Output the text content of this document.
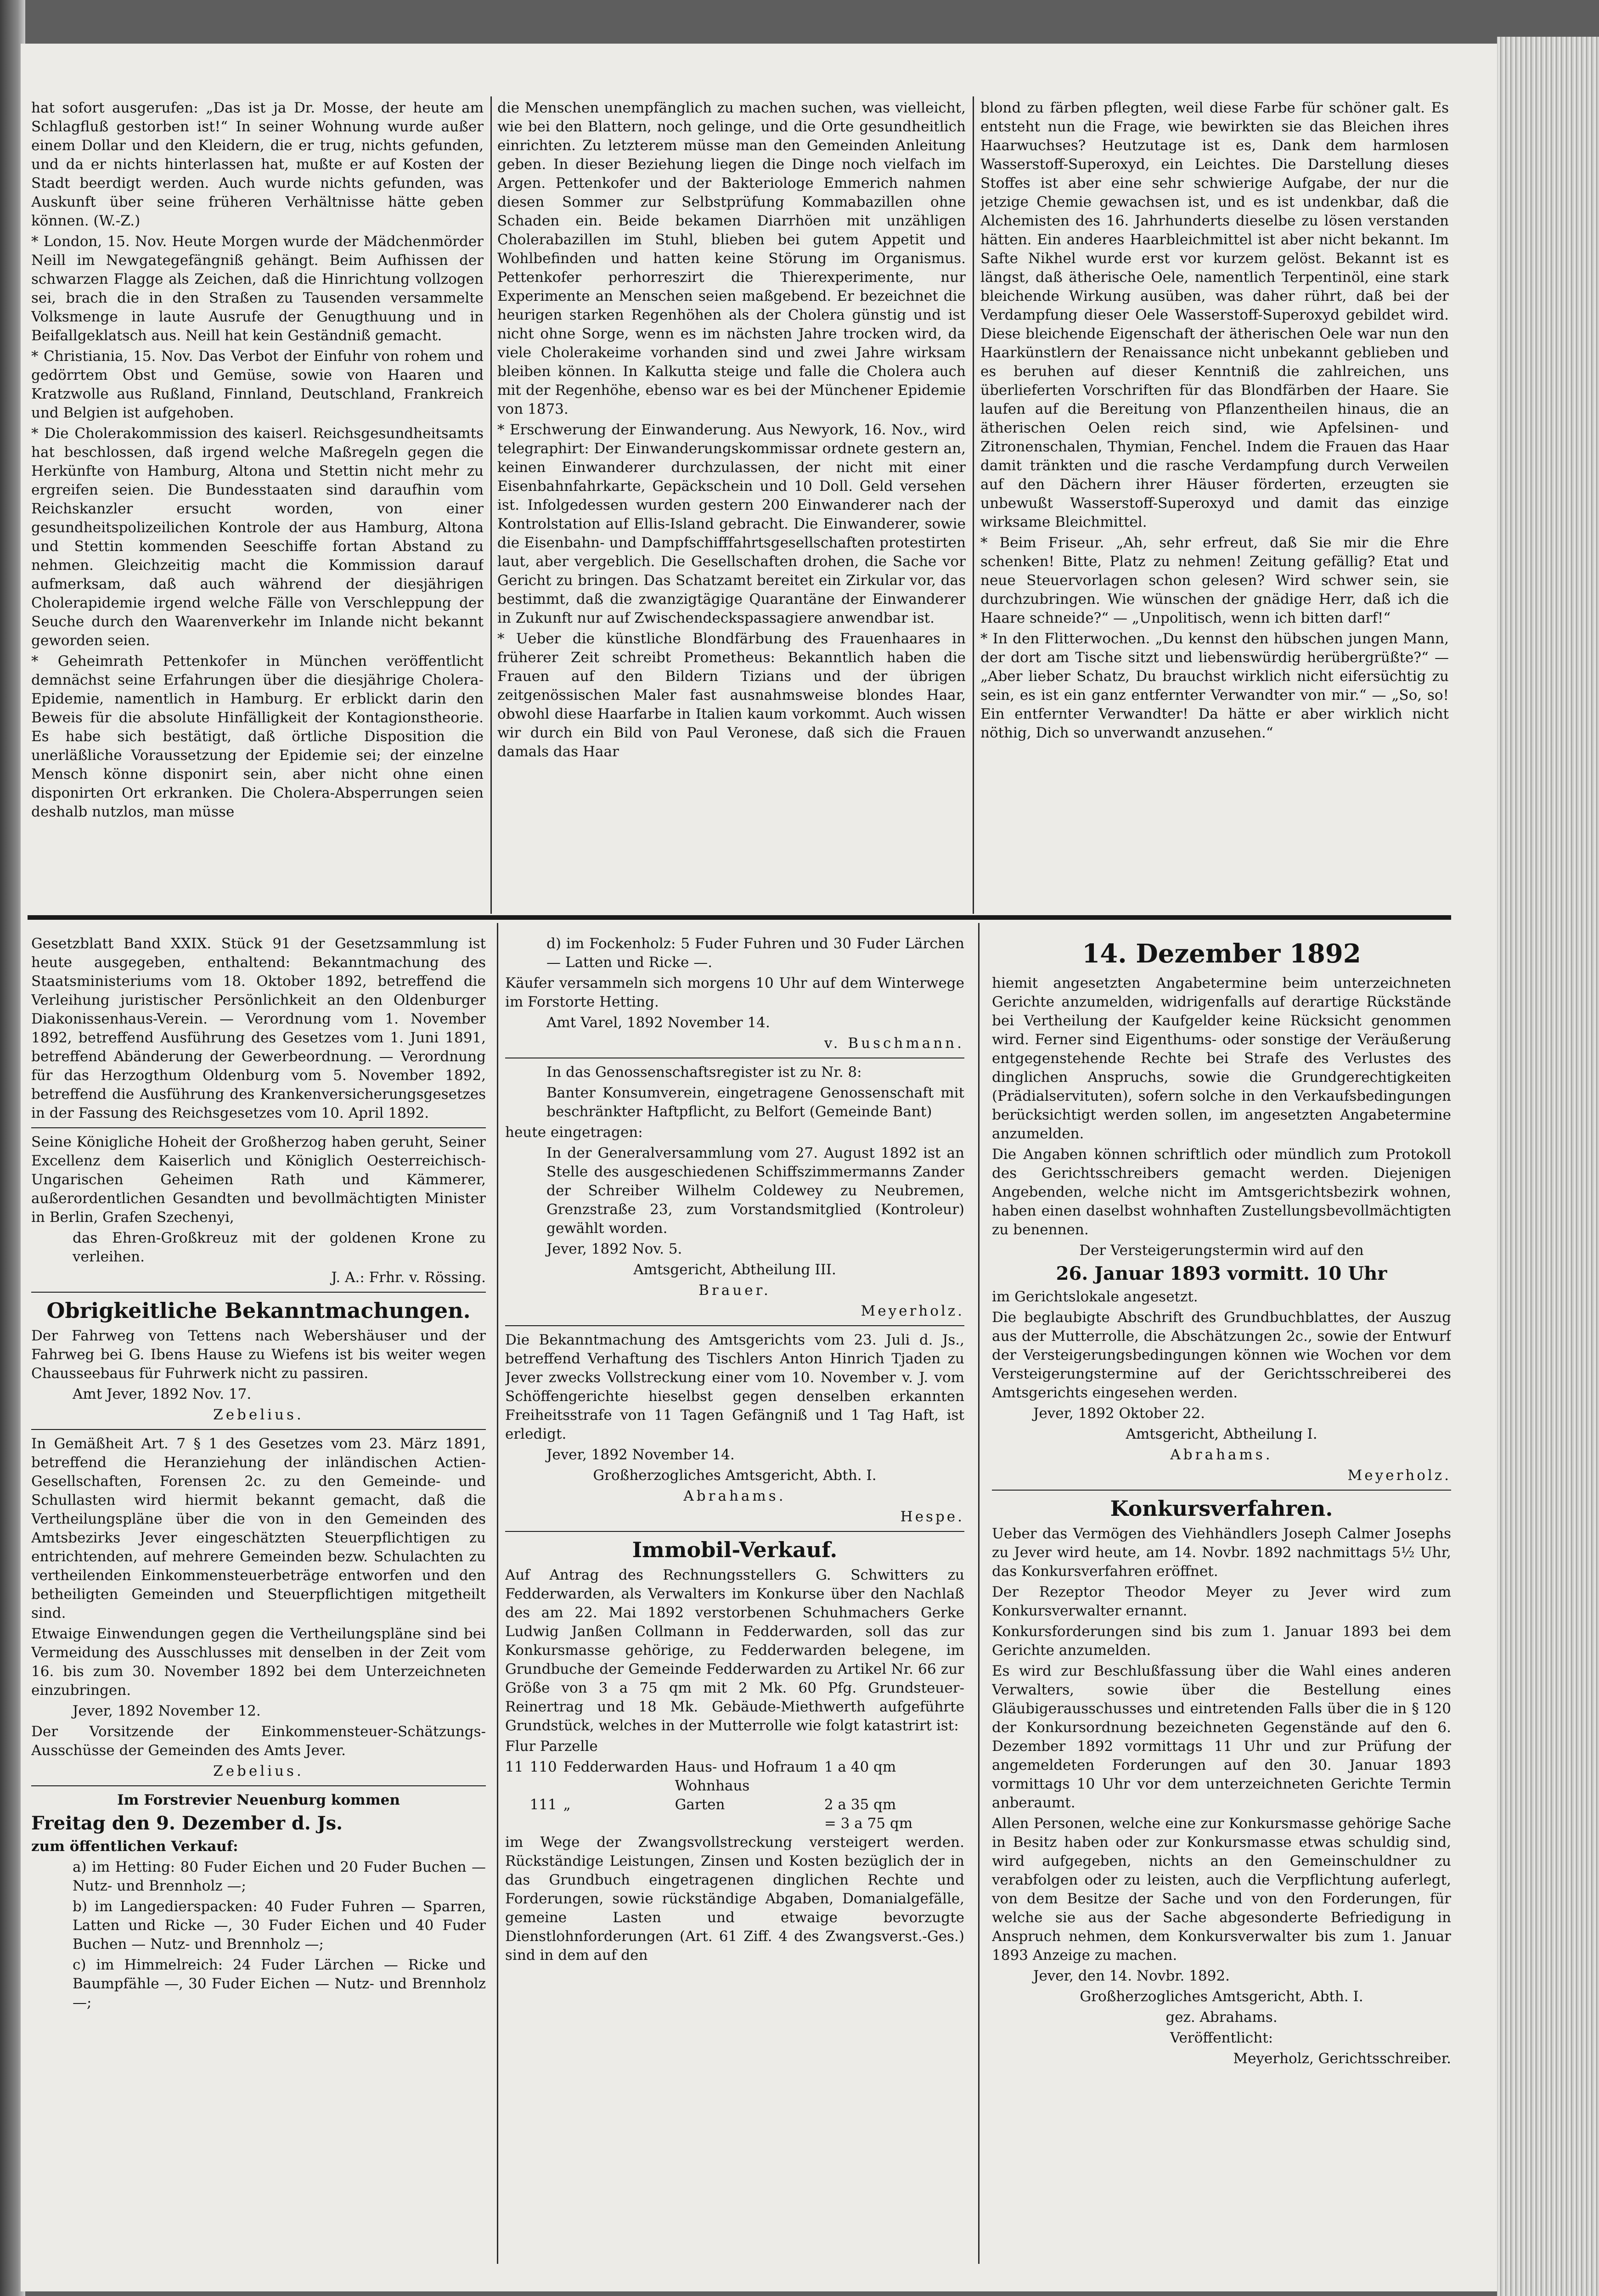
hat sofort ausgerufen: „Das ist ja Dr. Mosse, der heute am Schlagfluß gestorben ist!“ In seiner Wohnung wurde außer einem Dollar und den Kleidern, die er trug, nichts gefunden, und da er nichts hinterlassen hat, mußte er auf Kosten der Stadt beerdigt werden. Auch wurde nichts gefunden, was Auskunft über seine früheren Verhältnisse hätte geben können. (W.-Z.)

* London, 15. Nov. Heute Morgen wurde der Mädchenmörder Neill im Newgategefängniß gehängt. Beim Aufhissen der schwarzen Flagge als Zeichen, daß die Hinrichtung vollzogen sei, brach die in den Straßen zu Tausenden versammelte Volksmenge in laute Ausrufe der Genugthuung und in Beifallgeklatsch aus. Neill hat kein Geständniß gemacht.

* Christiania, 15. Nov. Das Verbot der Einfuhr von rohem und gedörrtem Obst und Gemüse, sowie von Haaren und Kratzwolle aus Rußland, Finnland, Deutschland, Frankreich und Belgien ist aufgehoben.

* Die Cholerakommission des kaiserl. Reichsgesundheitsamts hat beschlossen, daß irgend welche Maßregeln gegen die Herkünfte von Hamburg, Altona und Stettin nicht mehr zu ergreifen seien. Die Bundesstaaten sind daraufhin vom Reichskanzler ersucht worden, von einer gesundheitspolizeilichen Kontrole der aus Hamburg, Altona und Stettin kommenden Seeschiffe fortan Abstand zu nehmen. Gleichzeitig macht die Kommission darauf aufmerksam, daß auch während der diesjährigen Cholerapidemie irgend welche Fälle von Verschleppung der Seuche durch den Waarenverkehr im Inlande nicht bekannt geworden seien.

* Geheimrath Pettenkofer in München veröffentlicht demnächst seine Erfahrungen über die diesjährige Cholera-Epidemie, namentlich in Hamburg. Er erblickt darin den Beweis für die absolute Hinfälligkeit der Kontagionstheorie. Es habe sich bestätigt, daß örtliche Disposition die unerläßliche Voraussetzung der Epidemie sei; der einzelne Mensch könne disponirt sein, aber nicht ohne einen disponirten Ort erkranken. Die Cholera-Absperrungen seien deshalb nutzlos, man müsse

die Menschen unempfänglich zu machen suchen, was vielleicht, wie bei den Blattern, noch gelinge, und die Orte gesundheitlich einrichten. Zu letzterem müsse man den Gemeinden Anleitung geben. In dieser Beziehung liegen die Dinge noch vielfach im Argen. Pettenkofer und der Bakteriologe Emmerich nahmen diesen Sommer zur Selbstprüfung Kommabazillen ohne Schaden ein. Beide bekamen Diarrhöen mit unzähligen Cholerabazillen im Stuhl, blieben bei gutem Appetit und Wohlbefinden und hatten keine Störung im Organismus. Pettenkofer perhorreszirt die Thierexperimente, nur Experimente an Menschen seien maßgebend. Er bezeichnet die heurigen starken Regenhöhen als der Cholera günstig und ist nicht ohne Sorge, wenn es im nächsten Jahre trocken wird, da viele Cholerakeime vorhanden sind und zwei Jahre wirksam bleiben können. In Kalkutta steige und falle die Cholera auch mit der Regenhöhe, ebenso war es bei der Münchener Epidemie von 1873.

* Erschwerung der Einwanderung. Aus Newyork, 16. Nov., wird telegraphirt: Der Einwanderungskommissar ordnete gestern an, keinen Einwanderer durchzulassen, der nicht mit einer Eisenbahnfahrkarte, Gepäckschein und 10 Doll. Geld versehen ist. Infolgedessen wurden gestern 200 Einwanderer nach der Kontrolstation auf Ellis-Island gebracht. Die Einwanderer, sowie die Eisenbahn- und Dampfschifffahrtsgesellschaften protestirten laut, aber vergeblich. Die Gesellschaften drohen, die Sache vor Gericht zu bringen. Das Schatzamt bereitet ein Zirkular vor, das bestimmt, daß die zwanzigtägige Quarantäne der Einwanderer in Zukunft nur auf Zwischendeckspassagiere anwendbar ist.

* Ueber die künstliche Blondfärbung des Frauenhaares in früherer Zeit schreibt Prometheus: Bekanntlich haben die Frauen auf den Bildern Tizians und der übrigen zeitgenössischen Maler fast ausnahmsweise blondes Haar, obwohl diese Haarfarbe in Italien kaum vorkommt. Auch wissen wir durch ein Bild von Paul Veronese, daß sich die Frauen damals das Haar

blond zu färben pflegten, weil diese Farbe für schöner galt. Es entsteht nun die Frage, wie bewirkten sie das Bleichen ihres Haarwuchses? Heutzutage ist es, Dank dem harmlosen Wasserstoff-Superoxyd, ein Leichtes. Die Darstellung dieses Stoffes ist aber eine sehr schwierige Aufgabe, der nur die jetzige Chemie gewachsen ist, und es ist undenkbar, daß die Alchemisten des 16. Jahrhunderts dieselbe zu lösen verstanden hätten. Ein anderes Haarbleichmittel ist aber nicht bekannt. Im Safte Nikhel wurde erst vor kurzem gelöst. Bekannt ist es längst, daß ätherische Oele, namentlich Terpentinöl, eine stark bleichende Wirkung ausüben, was daher rührt, daß bei der Verdampfung dieser Oele Wasserstoff-Superoxyd gebildet wird. Diese bleichende Eigenschaft der ätherischen Oele war nun den Haarkünstlern der Renaissance nicht unbekannt geblieben und es beruhen auf dieser Kenntniß die zahlreichen, uns überlieferten Vorschriften für das Blondfärben der Haare. Sie laufen auf die Bereitung von Pflanzentheilen hinaus, die an ätherischen Oelen reich sind, wie Apfelsinen- und Zitronenschalen, Thymian, Fenchel. Indem die Frauen das Haar damit tränkten und die rasche Verdampfung durch Verweilen auf den Dächern ihrer Häuser förderten, erzeugten sie unbewußt Wasserstoff-Superoxyd und damit das einzige wirksame Bleichmittel.

* Beim Friseur. „Ah, sehr erfreut, daß Sie mir die Ehre schenken! Bitte, Platz zu nehmen! Zeitung gefällig? Etat und neue Steuervorlagen schon gelesen? Wird schwer sein, sie durchzubringen. Wie wünschen der gnädige Herr, daß ich die Haare schneide?“ — „Unpolitisch, wenn ich bitten darf!“

* In den Flitterwochen. „Du kennst den hübschen jungen Mann, der dort am Tische sitzt und liebenswürdig herübergrüßte?“ — „Aber lieber Schatz, Du brauchst wirklich nicht eifersüchtig zu sein, es ist ein ganz entfernter Verwandter von mir.“ — „So, so! Ein entfernter Verwandter! Da hätte er aber wirklich nicht nöthig, Dich so unverwandt anzusehen.“

Gesetzblatt Band XXIX. Stück 91 der Gesetzsammlung ist heute ausgegeben, enthaltend: Bekanntmachung des Staatsministeriums vom 18. Oktober 1892, betreffend die Verleihung juristischer Persönlichkeit an den Oldenburger Diakonissenhaus-Verein. — Verordnung vom 1. November 1892, betreffend Ausführung des Gesetzes vom 1. Juni 1891, betreffend Abänderung der Gewerbeordnung. — Verordnung für das Herzogthum Oldenburg vom 5. November 1892, betreffend die Ausführung des Krankenversicherungsgesetzes in der Fassung des Reichsgesetzes vom 10. April 1892.

Seine Königliche Hoheit der Großherzog haben geruht, Seiner Excellenz dem Kaiserlich und Königlich Oesterreichisch-Ungarischen Geheimen Rath und Kämmerer, außerordentlichen Gesandten und bevollmächtigten Minister in Berlin, Grafen Szechenyi,

das Ehren-Großkreuz mit der goldenen Krone zu verleihen.

J. A.: Frhr. v. Rössing.

Obrigkeitliche Bekanntmachungen.

Der Fahrweg von Tettens nach Webershäuser und der Fahrweg bei G. Ibens Hause zu Wiefens ist bis weiter wegen Chausseebaus für Fuhrwerk nicht zu passiren.

Amt Jever, 1892 Nov. 17.

Zebelius.

In Gemäßheit Art. 7 § 1 des Gesetzes vom 23. März 1891, betreffend die Heranziehung der inländischen Actien-Gesellschaften, Forensen 2c. zu den Gemeinde- und Schullasten wird hiermit bekannt gemacht, daß die Vertheilungspläne über die von in den Gemeinden des Amtsbezirks Jever eingeschätzten Steuerpflichtigen zu entrichtenden, auf mehrere Gemeinden bezw. Schulachten zu vertheilenden Einkommensteuerbeträge entworfen und den betheiligten Gemeinden und Steuerpflichtigen mitgetheilt sind.

Etwaige Einwendungen gegen die Vertheilungspläne sind bei Vermeidung des Ausschlusses mit denselben in der Zeit vom 16. bis zum 30. November 1892 bei dem Unterzeichneten einzubringen.

Jever, 1892 November 12.

Der Vorsitzende der Einkommensteuer-Schätzungs-Ausschüsse der Gemeinden des Amts Jever.

Zebelius.

Im Forstrevier Neuenburg kommen

Freitag den 9. Dezember d. Js.

zum öffentlichen Verkauf:

a) im Hetting: 80 Fuder Eichen und 20 Fuder Buchen — Nutz- und Brennholz —;

b) im Langedierspacken: 40 Fuder Fuhren — Sparren, Latten und Ricke —, 30 Fuder Eichen und 40 Fuder Buchen — Nutz- und Brennholz —;

c) im Himmelreich: 24 Fuder Lärchen — Ricke und Baumpfähle —, 30 Fuder Eichen — Nutz- und Brennholz —;

d) im Fockenholz: 5 Fuder Fuhren und 30 Fuder Lärchen — Latten und Ricke —.

Käufer versammeln sich morgens 10 Uhr auf dem Winterwege im Forstorte Hetting.

Amt Varel, 1892 November 14.

v. Buschmann.

In das Genossenschaftsregister ist zu Nr. 8:

Banter Konsumverein, eingetragene Genossenschaft mit beschränkter Haftpflicht, zu Belfort (Gemeinde Bant)

heute eingetragen:

In der Generalversammlung vom 27. August 1892 ist an Stelle des ausgeschiedenen Schiffszimmermanns Zander der Schreiber Wilhelm Coldewey zu Neubremen, Grenzstraße 23, zum Vorstandsmitglied (Kontroleur) gewählt worden.

Jever, 1892 Nov. 5.

Amtsgericht, Abtheilung III.

Brauer.

Meyerholz.

Die Bekanntmachung des Amtsgerichts vom 23. Juli d. Js., betreffend Verhaftung des Tischlers Anton Hinrich Tjaden zu Jever zwecks Vollstreckung einer vom 10. November v. J. vom Schöffengerichte hieselbst gegen denselben erkannten Freiheitsstrafe von 11 Tagen Gefängniß und 1 Tag Haft, ist erledigt.

Jever, 1892 November 14.

Großherzogliches Amtsgericht, Abth. I.

Abrahams.

Hespe.

Immobil-Verkauf.

Auf Antrag des Rechnungsstellers G. Schwitters zu Fedderwarden, als Verwalters im Konkurse über den Nachlaß des am 22. Mai 1892 verstorbenen Schuhmachers Gerke Ludwig Janßen Collmann in Fedderwarden, soll das zur Konkursmasse gehörige, zu Fedderwarden belegene, im Grundbuche der Gemeinde Fedderwarden zu Artikel Nr. 66 zur Größe von 3 a 75 qm mit 2 Mk. 60 Pfg. Grundsteuer-Reinertrag und 18 Mk. Gebäude-Miethwerth aufgeführte Grundstück, welches in der Mutterrolle wie folgt katastrirt ist:

Flur Parzelle

11	110	Fedderwarden	Haus- und Hofraum	1 a 40 qm
			Wohnhaus	
	111	„	Garten	2 a 35 qm
				= 3 a 75 qm

im Wege der Zwangsvollstreckung versteigert werden. Rückständige Leistungen, Zinsen und Kosten bezüglich der in das Grundbuch eingetragenen dinglichen Rechte und Forderungen, sowie rückständige Abgaben, Domanialgefälle, gemeine Lasten und etwaige bevorzugte Dienstlohnforderungen (Art. 61 Ziff. 4 des Zwangsverst.-Ges.) sind in dem auf den

14. Dezember 1892

hiemit angesetzten Angabetermine beim unterzeichneten Gerichte anzumelden, widrigenfalls auf derartige Rückstände bei Vertheilung der Kaufgelder keine Rücksicht genommen wird. Ferner sind Eigenthums- oder sonstige der Veräußerung entgegenstehende Rechte bei Strafe des Verlustes des dinglichen Anspruchs, sowie die Grundgerechtigkeiten (Prädialservituten), sofern solche in den Verkaufsbedingungen berücksichtigt werden sollen, im angesetzten Angabetermine anzumelden.

Die Angaben können schriftlich oder mündlich zum Protokoll des Gerichtsschreibers gemacht werden. Diejenigen Angebenden, welche nicht im Amtsgerichtsbezirk wohnen, haben einen daselbst wohnhaften Zustellungsbevollmächtigten zu benennen.

Der Versteigerungstermin wird auf den

26. Januar 1893 vormitt. 10 Uhr

im Gerichtslokale angesetzt.

Die beglaubigte Abschrift des Grundbuchblattes, der Auszug aus der Mutterrolle, die Abschätzungen 2c., sowie der Entwurf der Versteigerungsbedingungen können wie Wochen vor dem Versteigerungstermine auf der Gerichtsschreiberei des Amtsgerichts eingesehen werden.

Jever, 1892 Oktober 22.

Amtsgericht, Abtheilung I.

Abrahams.

Meyerholz.

Konkursverfahren.

Ueber das Vermögen des Viehhändlers Joseph Calmer Josephs zu Jever wird heute, am 14. Novbr. 1892 nachmittags 5½ Uhr, das Konkursverfahren eröffnet.

Der Rezeptor Theodor Meyer zu Jever wird zum Konkursverwalter ernannt.

Konkursforderungen sind bis zum 1. Januar 1893 bei dem Gerichte anzumelden.

Es wird zur Beschlußfassung über die Wahl eines anderen Verwalters, sowie über die Bestellung eines Gläubigerausschusses und eintretenden Falls über die in § 120 der Konkursordnung bezeichneten Gegenstände auf den 6. Dezember 1892 vormittags 11 Uhr und zur Prüfung der angemeldeten Forderungen auf den 30. Januar 1893 vormittags 10 Uhr vor dem unterzeichneten Gerichte Termin anberaumt.

Allen Personen, welche eine zur Konkursmasse gehörige Sache in Besitz haben oder zur Konkursmasse etwas schuldig sind, wird aufgegeben, nichts an den Gemeinschuldner zu verabfolgen oder zu leisten, auch die Verpflichtung auferlegt, von dem Besitze der Sache und von den Forderungen, für welche sie aus der Sache abgesonderte Befriedigung in Anspruch nehmen, dem Konkursverwalter bis zum 1. Januar 1893 Anzeige zu machen.

Jever, den 14. Novbr. 1892.

Großherzogliches Amtsgericht, Abth. I.

gez. Abrahams.

Veröffentlicht:

Meyerholz, Gerichtsschreiber.
